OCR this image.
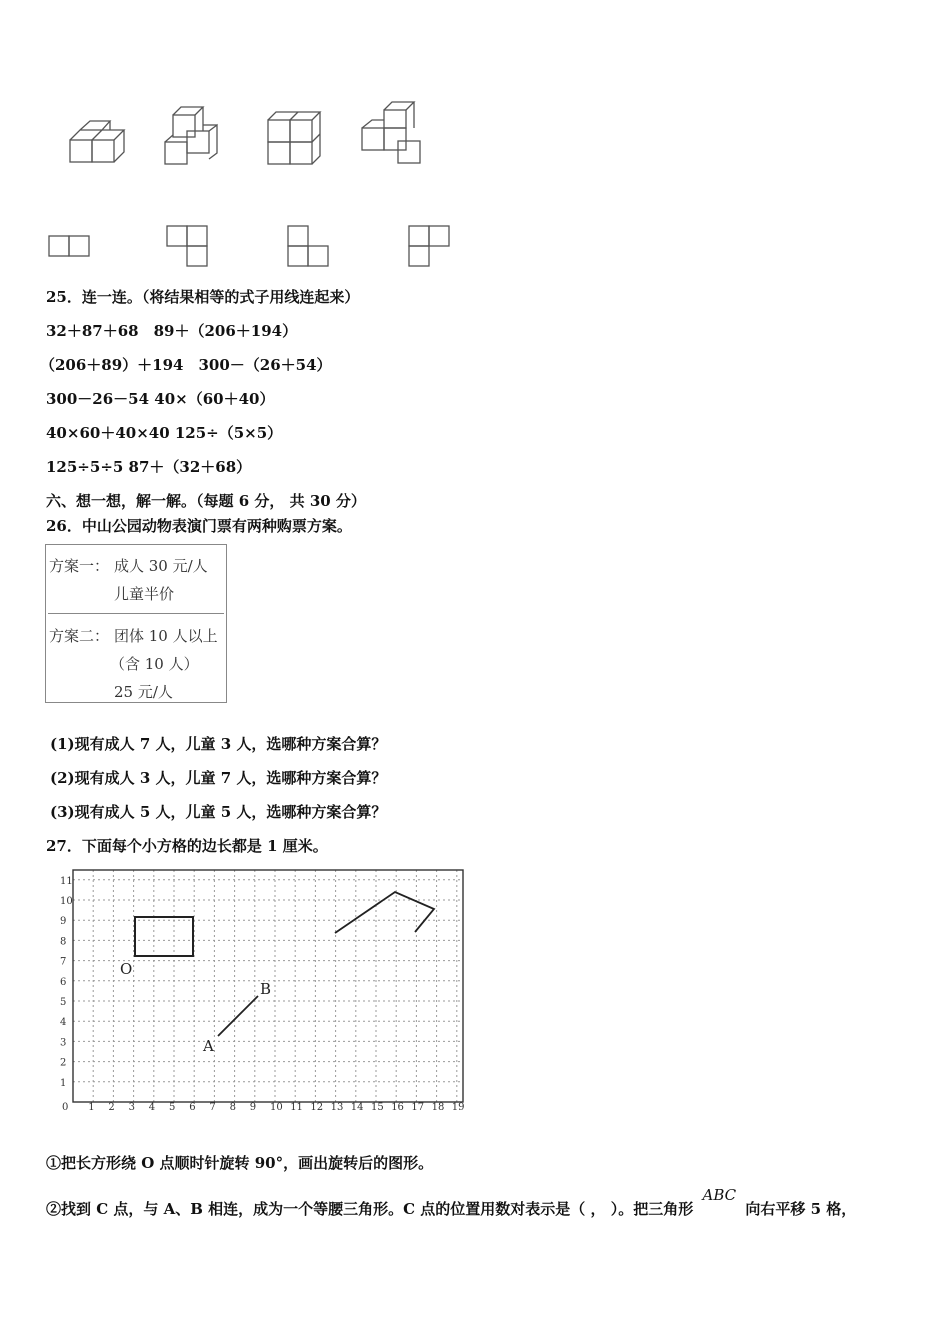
25．连一连。（将结果相等的式子用线连起来）
32＋87＋68　89＋（206＋194）
（206＋89）＋194　300－（26＋54）
300－26－54 40×（60＋40）
40×60＋40×40 125÷（5×5）
125÷5÷5 87＋（32＋68）
六、想一想，解一解。（每题 6 分， 共 30 分）
26．中山公园动物表演门票有两种购票方案。
方案一： 成人 30 元/人
儿童半价
方案二： 团体 10 人以上
（含 10 人）
25 元/人
(1)现有成人 7 人，儿童 3 人，选哪种方案合算？
(2)现有成人 3 人，儿童 7 人，选哪种方案合算？
(3)现有成人 5 人，儿童 5 人，选哪种方案合算？
27．下面每个小方格的边长都是 1 厘米。
0 1 2 3 4 5 6 7 8 9 10 11 12 13 14 15 16 17 18 19
1
2
3
4
5
6
7
8
9
10
11
O
A
B
①把长方形绕 O 点顺时针旋转 90°，画出旋转后的图形。
②找到 C 点，与 A、B 相连，成为一个等腰三角形。C 点的位置用数对表示是（ ， ）。把三角形 ABC 向右平移 5 格，
